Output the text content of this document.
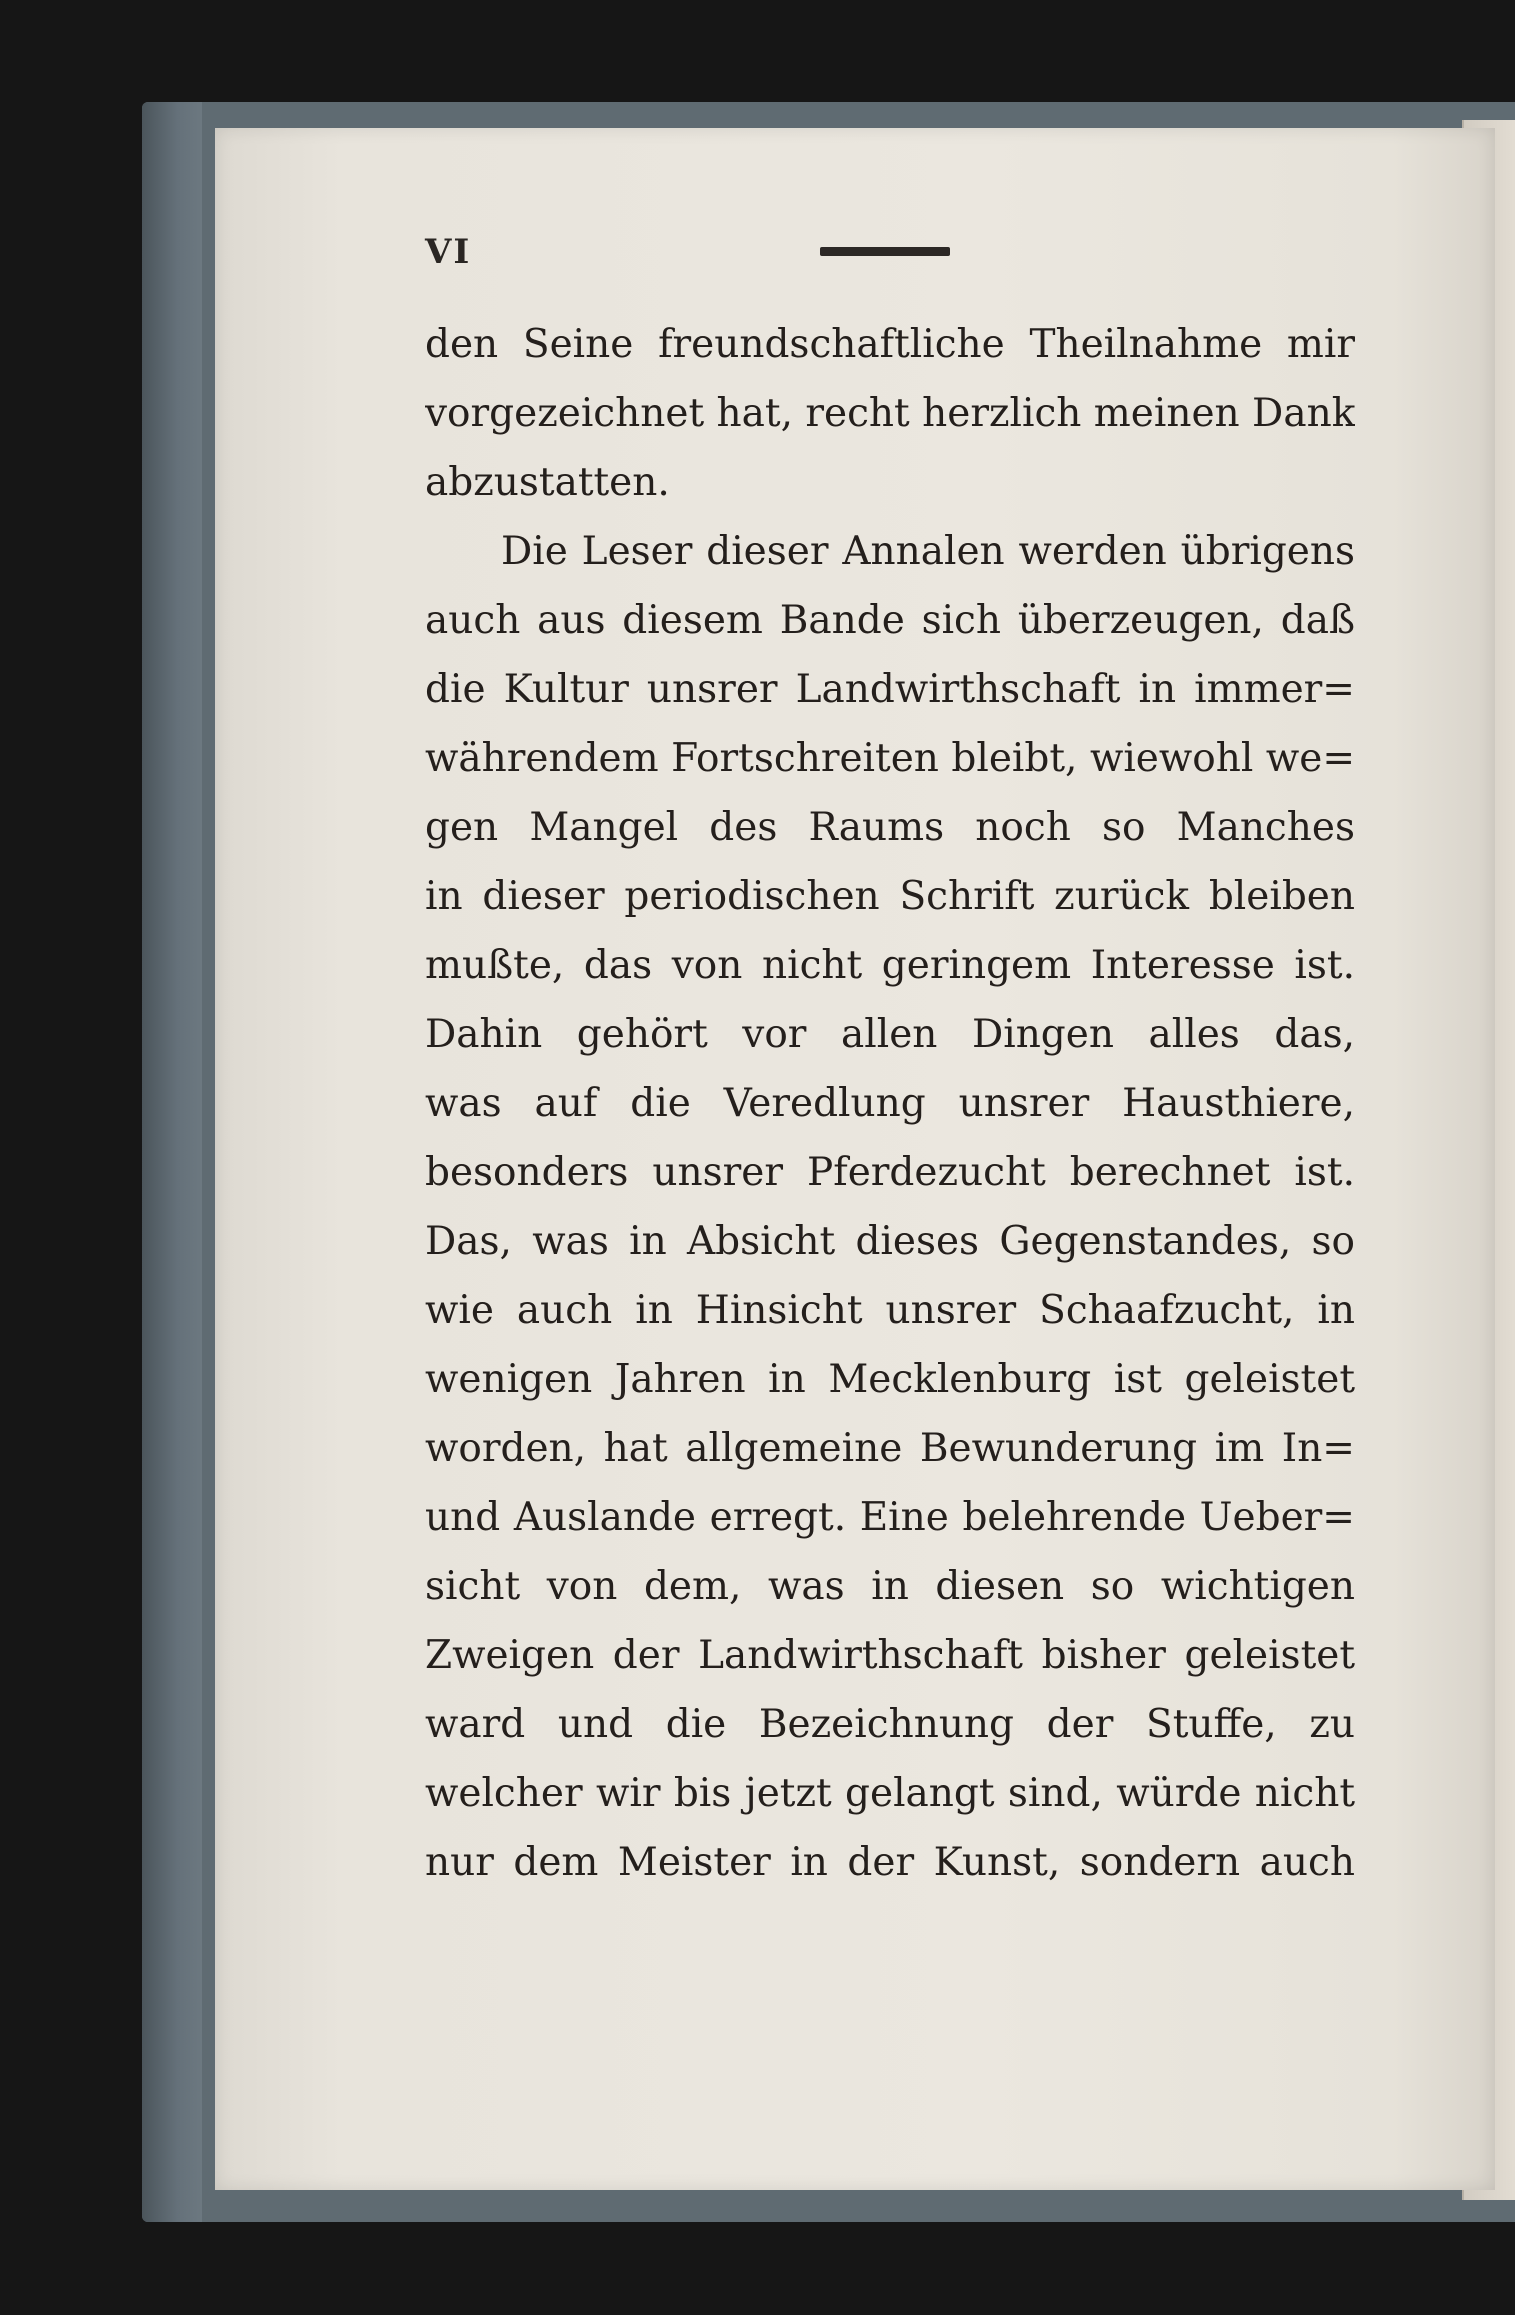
VI
den Seine freundschaftliche Theilnahme mir
vorgezeichnet hat, recht herzlich meinen Dank
abzustatten.
Die Leser dieser Annalen werden übrigens
auch aus diesem Bande sich überzeugen, daß
die Kultur unsrer Landwirthschaft in immer=
währendem Fortschreiten bleibt, wiewohl we=
gen Mangel des Raums noch so Manches
in dieser periodischen Schrift zurück bleiben
mußte, das von nicht geringem Interesse ist.
Dahin gehört vor allen Dingen alles das,
was auf die Veredlung unsrer Hausthiere,
besonders unsrer Pferdezucht berechnet ist.
Das, was in Absicht dieses Gegenstandes, so
wie auch in Hinsicht unsrer Schaafzucht, in
wenigen Jahren in Mecklenburg ist geleistet
worden, hat allgemeine Bewunderung im In=
und Auslande erregt. Eine belehrende Ueber=
sicht von dem, was in diesen so wichtigen
Zweigen der Landwirthschaft bisher geleistet
ward und die Bezeichnung der Stuffe, zu
welcher wir bis jetzt gelangt sind, würde nicht
nur dem Meister in der Kunst, sondern auch
